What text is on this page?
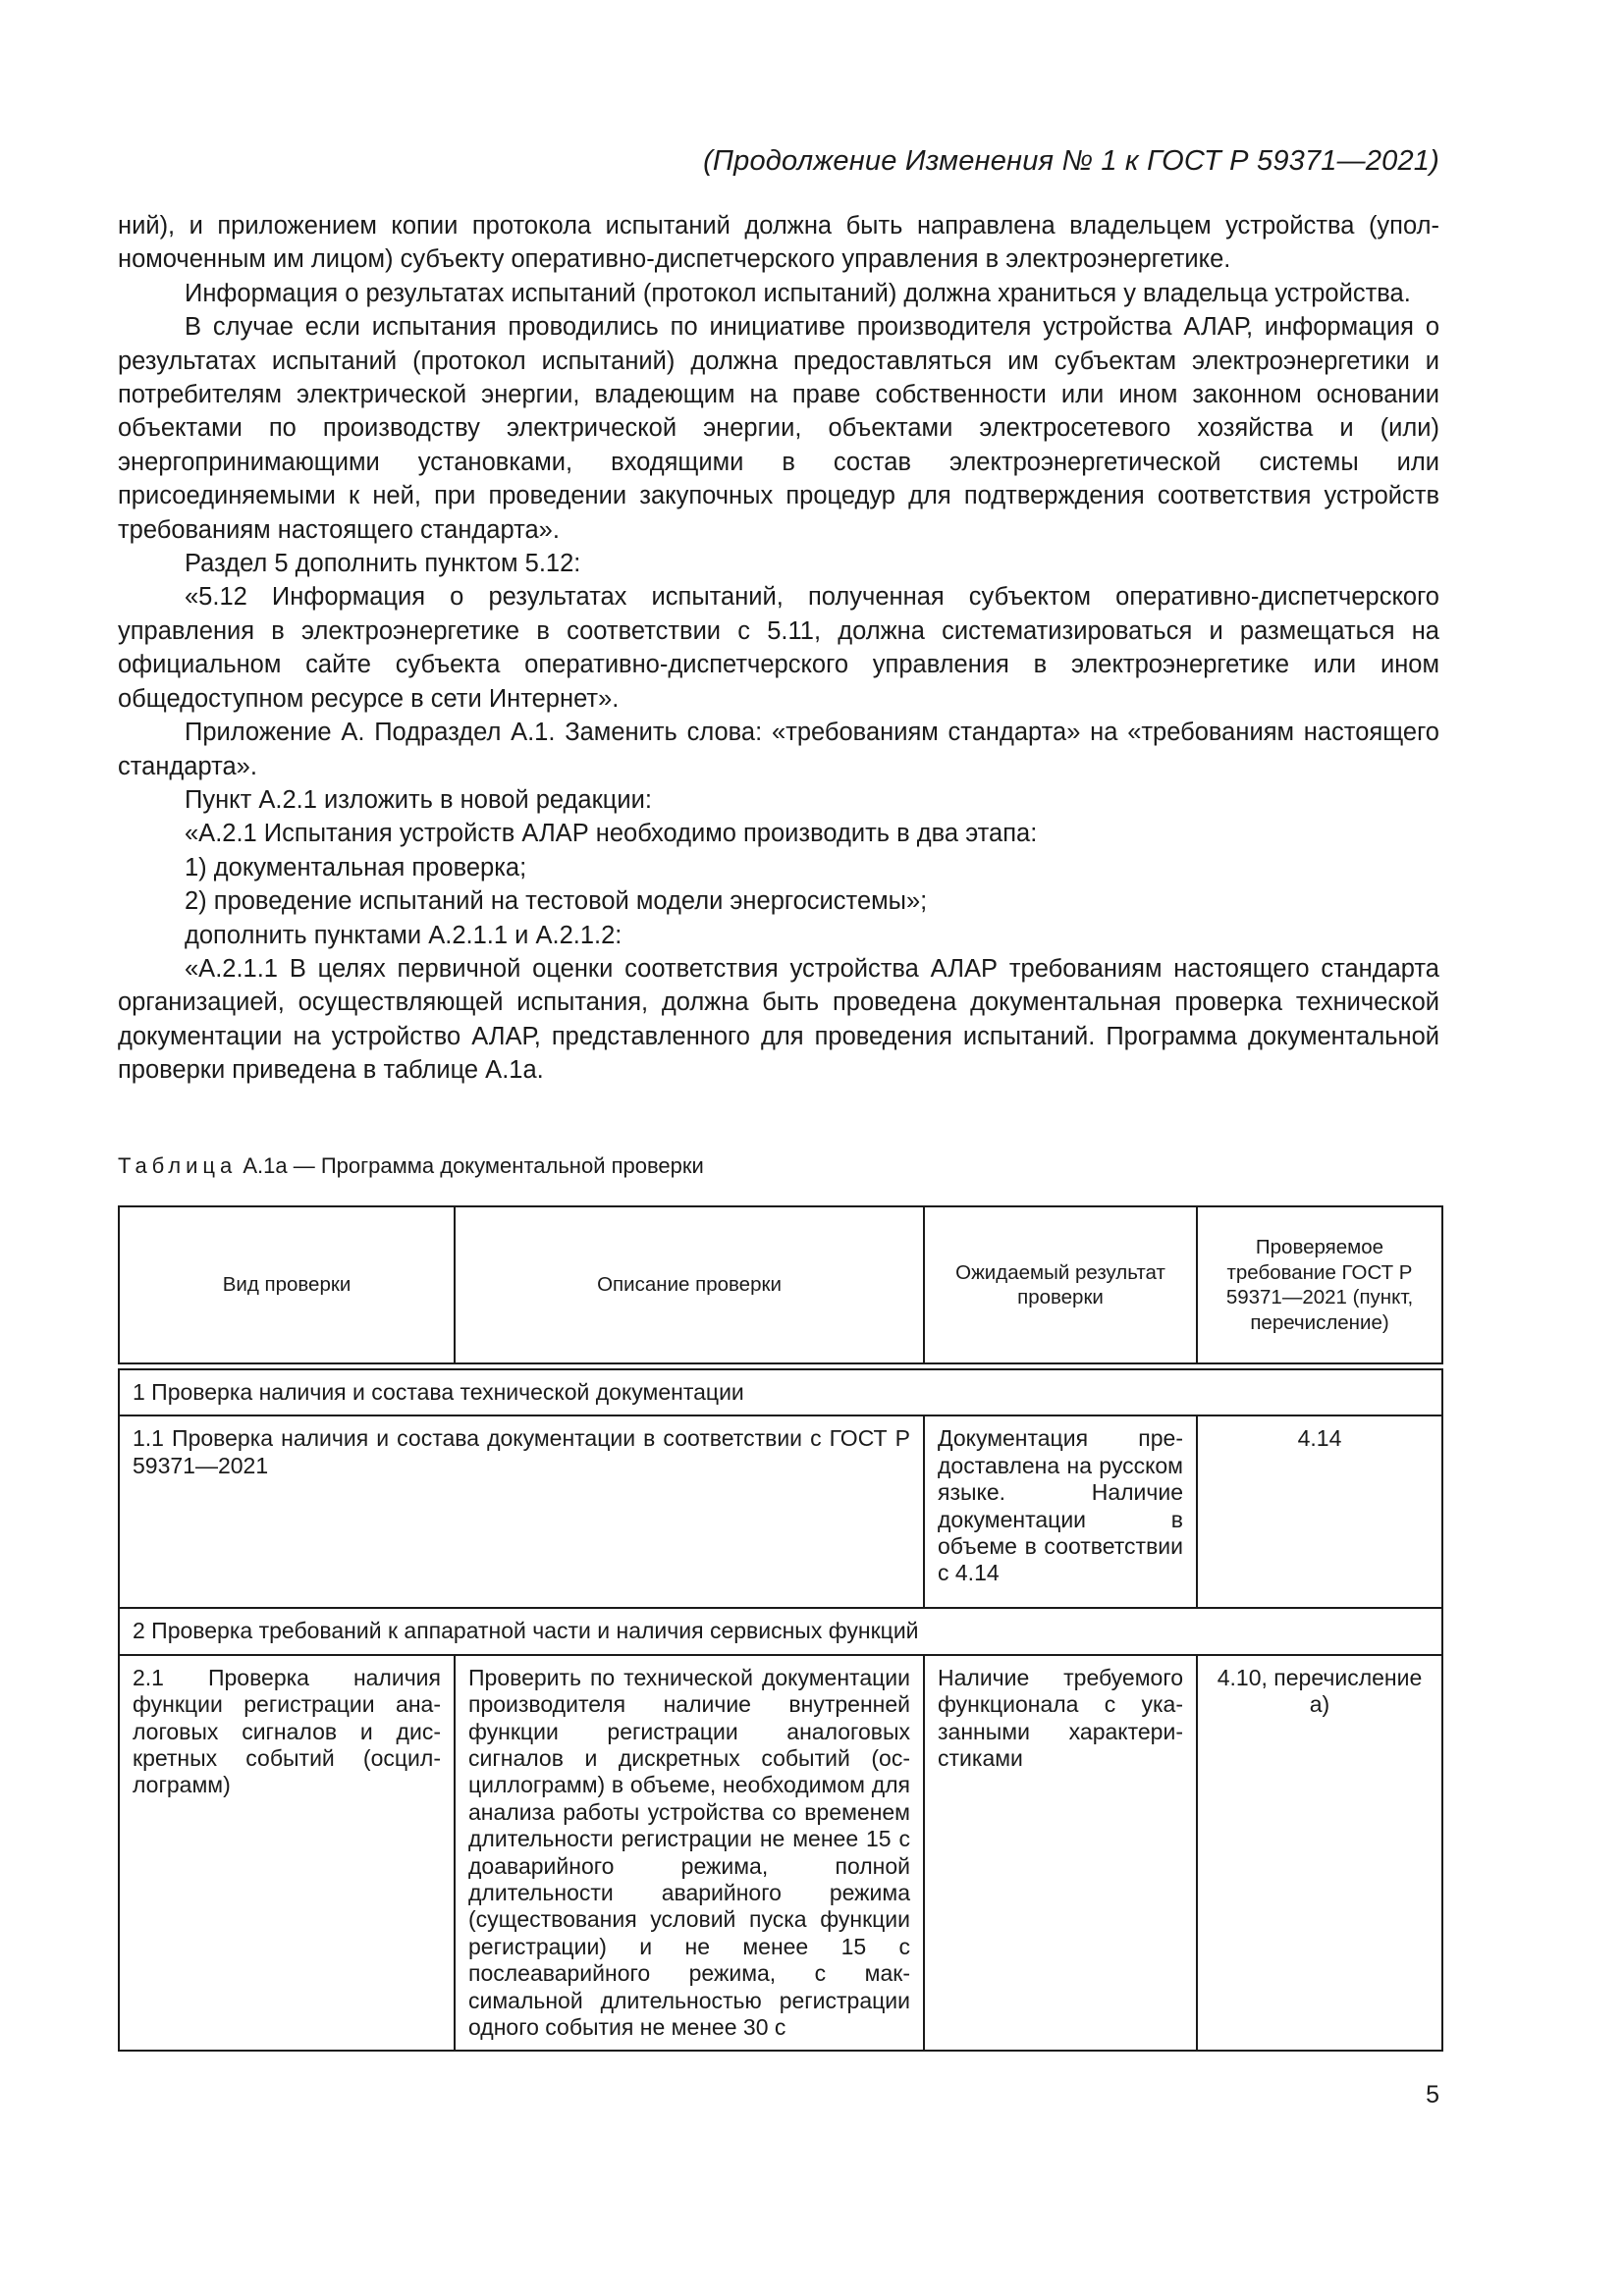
(Продолжение Изменения № 1 к ГОСТ Р 59371—2021)

ний), и приложением копии протокола испытаний должна быть направлена владельцем устройства (уполномоченным им лицом) субъекту оперативно-диспетчерского управления в электроэнергетике.

Информация о результатах испытаний (протокол испытаний) должна храниться у владельца устройства.

В случае если испытания проводились по инициативе производителя устройства АЛАР, информация о результатах испытаний (протокол испытаний) должна предоставляться им субъектам электроэнергетики и потребителям электрической энергии, владеющим на праве собственности или ином законном основании объектами по производству электрической энергии, объектами электросетевого хозяйства и (или) энергопринимающими установками, входящими в состав электроэнергетической системы или присоединяемыми к ней, при проведении закупочных процедур для подтверждения соответствия устройств требованиям настоящего стандарта».

Раздел 5 дополнить пунктом 5.12:

«5.12 Информация о результатах испытаний, полученная субъектом оперативно-диспетчерского управления в электроэнергетике в соответствии с 5.11, должна систематизироваться и размещаться на официальном сайте субъекта оперативно-диспетчерского управления в электроэнергетике или ином общедоступном ресурсе в сети Интернет».

Приложение А. Подраздел А.1. Заменить слова: «требованиям стандарта» на «требованиям настоящего стандарта».

Пункт А.2.1 изложить в новой редакции:

«А.2.1 Испытания устройств АЛАР необходимо производить в два этапа:

1) документальная проверка;

2) проведение испытаний на тестовой модели энергосистемы»;

дополнить пунктами А.2.1.1 и А.2.1.2:

«А.2.1.1 В целях первичной оценки соответствия устройства АЛАР требованиям настоящего стандарта организацией, осуществляющей испытания, должна быть проведена документальная проверка технической документации на устройство АЛАР, представленного для проведения испытаний. Программа документальной проверки приведена в таблице А.1а.

Таблица А.1а — Программа документальной проверки
Вид проверки	Описание проверки	Ожидаемый результат проверки	Проверяемое требование ГОСТ Р 59371—2021 (пункт, перечисление)

1 Проверка наличия и состава технической документации			

1.1 Проверка наличия и состава документации в соответствии с ГОСТ Р 59371—2021		Документация предоставлена на русском языке. Наличие документации в объеме в соответствии с 4.14	4.14

2 Проверка требований к аппаратной части и наличия сервисных функций			

2.1 Проверка наличия функции регистрации аналоговых сигналов и дискретных событий (осциллограмм)	Проверить по технической документации производителя наличие внутренней функции регистрации аналоговых сигналов и дискретных событий (осциллограмм) в объеме, необходимом для анализа работы устройства со временем длительности регистрации не менее 15 с доаварийного режима, полной длительности аварийного режима (существования условий пуска функции регистрации) и не менее 15 с послеаварийного режима, с максимальной длительностью регистрации одного события не менее 30 с	Наличие требуемого функционала с указанными характеристиками	4.10, перечисление а)
5
